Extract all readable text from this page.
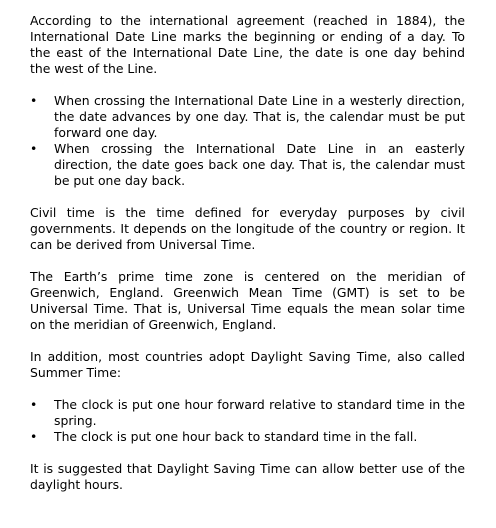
According to the international agreement (reached in 1884), the International Date Line marks the beginning or ending of a day. To the east of the International Date Line, the date is one day behind the west of the Line.

•	When crossing the International Date Line in a westerly direction, the date advances by one day. That is, the calendar must be put forward one day.
•	When crossing the International Date Line in an easterly direction, the date goes back one day. That is, the calendar must be put one day back.

Civil time is the time defined for everyday purposes by civil governments. It depends on the longitude of the country or region. It can be derived from Universal Time.

The Earth’s prime time zone is centered on the meridian of Greenwich, England. Greenwich Mean Time (GMT) is set to be Universal Time. That is, Universal Time equals the mean solar time on the meridian of Greenwich, England.

In addition, most countries adopt Daylight Saving Time, also called Summer Time:

•	The clock is put one hour forward relative to standard time in the spring.
•	The clock is put one hour back to standard time in the fall.

It is suggested that Daylight Saving Time can allow better use of the daylight hours.
